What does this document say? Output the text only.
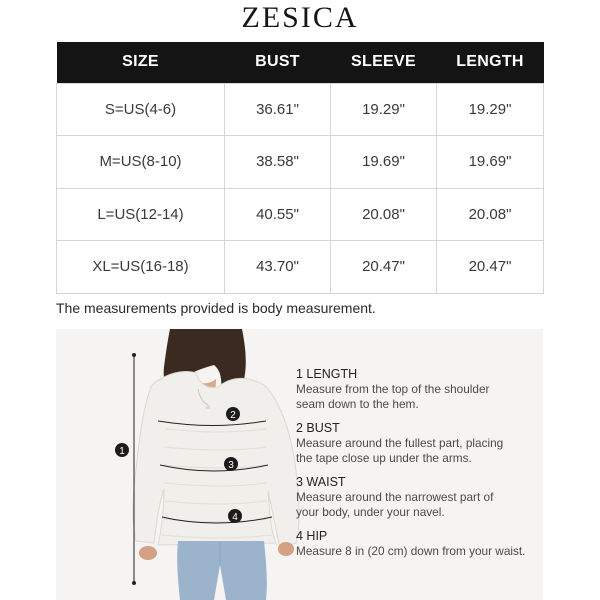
ZESICA
SIZE	BUST	SLEEVE	LENGTH
S=US(4-6)	36.61"	19.29"	19.29"
M=US(8-10)	38.58"	19.69"	19.69"
L=US(12-14)	40.55"	20.08"	20.08"
XL=US(16-18)	43.70"	20.47"	20.47"
The measurements provided is body measurement.
1
2
3
4
1 LENGTH
Measure from the top of the shoulder
seam down to the hem.
2 BUST
Measure around the fullest part, placing
the tape close up under the arms.
3 WAIST
Measure around the narrowest part of
your body, under your navel.
4 HIP
Measure 8 in (20 cm) down from your waist.
